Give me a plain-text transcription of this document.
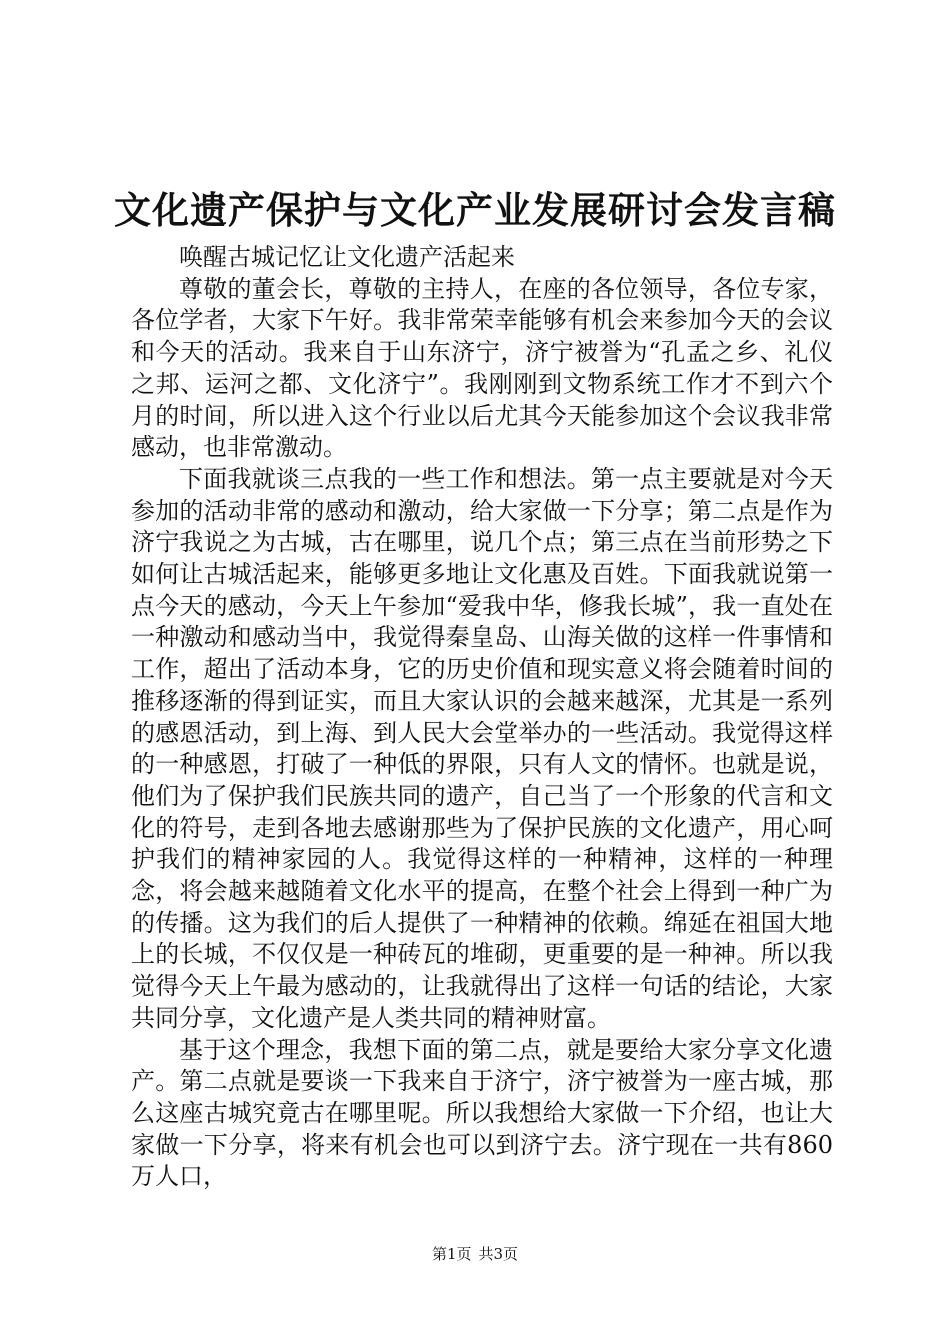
文化遗产保护与文化产业发展研讨会发言稿

唤醒古城记忆让文化遗产活起来

尊敬的董会长，尊敬的主持人，在座的各位领导，各位专家，各位学者，大家下午好。我非常荣幸能够有机会来参加今天的会议和今天的活动。我来自于山东济宁，济宁被誉为“孔孟之乡、礼仪之邦、运河之都、文化济宁”。我刚刚到文物系统工作才不到六个月的时间，所以进入这个行业以后尤其今天能参加这个会议我非常感动，也非常激动。

下面我就谈三点我的一些工作和想法。第一点主要就是对今天参加的活动非常的感动和激动，给大家做一下分享；第二点是作为济宁我说之为古城，古在哪里，说几个点；第三点在当前形势之下如何让古城活起来，能够更多地让文化惠及百姓。下面我就说第一点今天的感动，今天上午参加“爱我中华，修我长城”，我一直处在一种激动和感动当中，我觉得秦皇岛、山海关做的这样一件事情和工作，超出了活动本身，它的历史价值和现实意义将会随着时间的推移逐渐的得到证实，而且大家认识的会越来越深，尤其是一系列的感恩活动，到上海、到人民大会堂举办的一些活动。我觉得这样的一种感恩，打破了一种低的界限，只有人文的情怀。也就是说，他们为了保护我们民族共同的遗产，自己当了一个形象的代言和文化的符号，走到各地去感谢那些为了保护民族的文化遗产，用心呵护我们的精神家园的人。我觉得这样的一种精神，这样的一种理念，将会越来越随着文化水平的提高，在整个社会上得到一种广为的传播。这为我们的后人提供了一种精神的依赖。绵延在祖国大地上的长城，不仅仅是一种砖瓦的堆砌，更重要的是一种神。所以我觉得今天上午最为感动的，让我就得出了这样一句话的结论，大家共同分享，文化遗产是人类共同的精神财富。

基于这个理念，我想下面的第二点，就是要给大家分享文化遗产。第二点就是要谈一下我来自于济宁，济宁被誉为一座古城，那么这座古城究竟古在哪里呢。所以我想给大家做一下介绍，也让大家做一下分享，将来有机会也可以到济宁去。济宁现在一共有860万人口，

第1页 共3页
